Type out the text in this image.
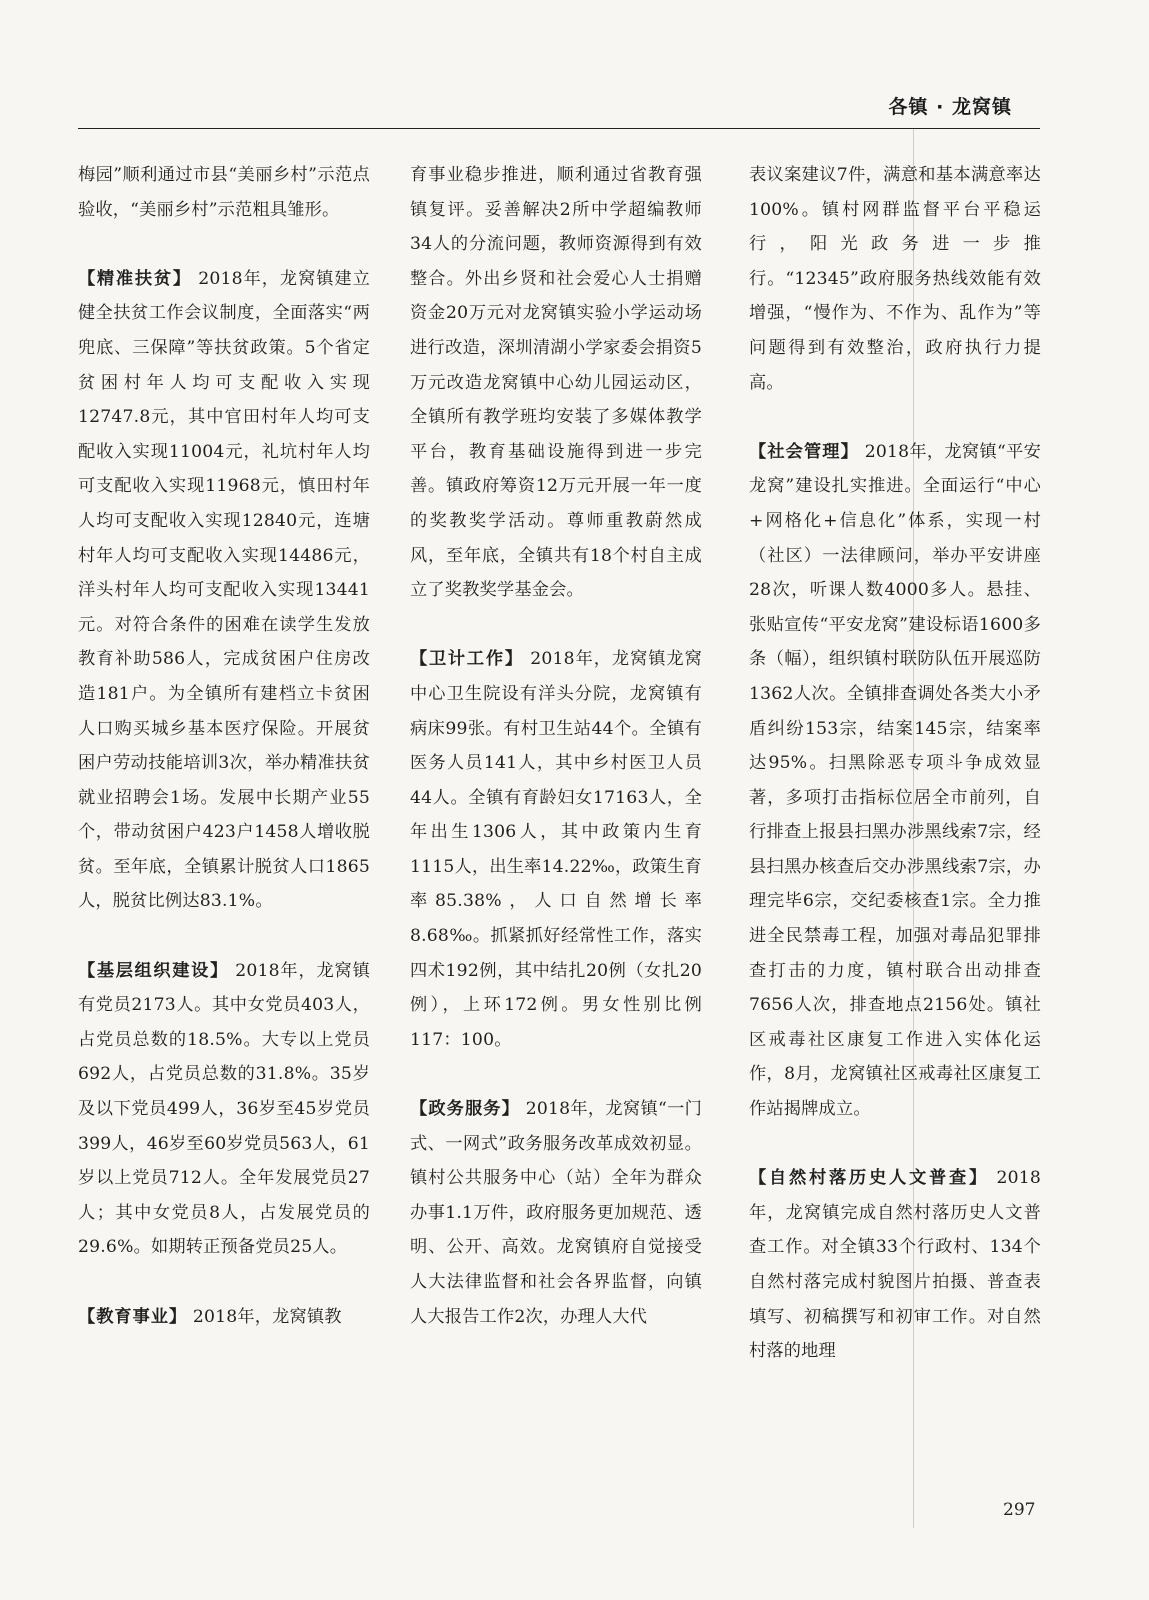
各镇 · 龙窝镇

梅园”顺利通过市县“美丽乡村”示范点验收，“美丽乡村”示范粗具雏形。

【精准扶贫】 2018年，龙窝镇建立健全扶贫工作会议制度，全面落实“两兜底、三保障”等扶贫政策。5个省定贫困村年人均可支配收入实现12747.8元，其中官田村年人均可支配收入实现11004元，礼坑村年人均可支配收入实现11968元，慎田村年人均可支配收入实现12840元，连塘村年人均可支配收入实现14486元，洋头村年人均可支配收入实现13441元。对符合条件的困难在读学生发放教育补助586人，完成贫困户住房改造181户。为全镇所有建档立卡贫困人口购买城乡基本医疗保险。开展贫困户劳动技能培训3次，举办精准扶贫就业招聘会1场。发展中长期产业55个，带动贫困户423户1458人增收脱贫。至年底，全镇累计脱贫人口1865人，脱贫比例达83.1%。

【基层组织建设】 2018年，龙窝镇有党员2173人。其中女党员403人，占党员总数的18.5%。大专以上党员692人，占党员总数的31.8%。35岁及以下党员499人，36岁至45岁党员399人，46岁至60岁党员563人，61岁以上党员712人。全年发展党员27人；其中女党员8人，占发展党员的29.6%。如期转正预备党员25人。

【教育事业】 2018年，龙窝镇教

育事业稳步推进，顺利通过省教育强镇复评。妥善解决2所中学超编教师34人的分流问题，教师资源得到有效整合。外出乡贤和社会爱心人士捐赠资金20万元对龙窝镇实验小学运动场进行改造，深圳清湖小学家委会捐资5万元改造龙窝镇中心幼儿园运动区，全镇所有教学班均安装了多媒体教学平台，教育基础设施得到进一步完善。镇政府筹资12万元开展一年一度的奖教奖学活动。尊师重教蔚然成风，至年底，全镇共有18个村自主成立了奖教奖学基金会。

【卫计工作】 2018年，龙窝镇龙窝中心卫生院设有洋头分院，龙窝镇有病床99张。有村卫生站44个。全镇有医务人员141人，其中乡村医卫人员44人。全镇有育龄妇女17163人，全年出生1306人，其中政策内生育1115人，出生率14.22‰，政策生育率85.38%，人口自然增长率8.68‰。抓紧抓好经常性工作，落实四术192例，其中结扎20例（女扎20例），上环172例。男女性别比例117：100。

【政务服务】 2018年，龙窝镇“一门式、一网式”政务服务改革成效初显。镇村公共服务中心（站）全年为群众办事1.1万件，政府服务更加规范、透明、公开、高效。龙窝镇府自觉接受人大法律监督和社会各界监督，向镇人大报告工作2次，办理人大代

表议案建议7件，满意和基本满意率达100%。镇村网群监督平台平稳运行，阳光政务进一步推行。“12345”政府服务热线效能有效增强，“慢作为、不作为、乱作为”等问题得到有效整治，政府执行力提高。

【社会管理】 2018年，龙窝镇“平安龙窝”建设扎实推进。全面运行“中心+网格化+信息化”体系，实现一村（社区）一法律顾问，举办平安讲座28次，听课人数4000多人。悬挂、张贴宣传“平安龙窝”建设标语1600多条（幅），组织镇村联防队伍开展巡防1362人次。全镇排查调处各类大小矛盾纠纷153宗，结案145宗，结案率达95%。扫黑除恶专项斗争成效显著，多项打击指标位居全市前列，自行排查上报县扫黑办涉黑线索7宗，经县扫黑办核查后交办涉黑线索7宗，办理完毕6宗，交纪委核查1宗。全力推进全民禁毒工程，加强对毒品犯罪排查打击的力度，镇村联合出动排查7656人次，排查地点2156处。镇社区戒毒社区康复工作进入实体化运作，8月，龙窝镇社区戒毒社区康复工作站揭牌成立。

【自然村落历史人文普查】 2018年，龙窝镇完成自然村落历史人文普查工作。对全镇33个行政村、134个自然村落完成村貌图片拍摄、普查表填写、初稿撰写和初审工作。对自然村落的地理

297
